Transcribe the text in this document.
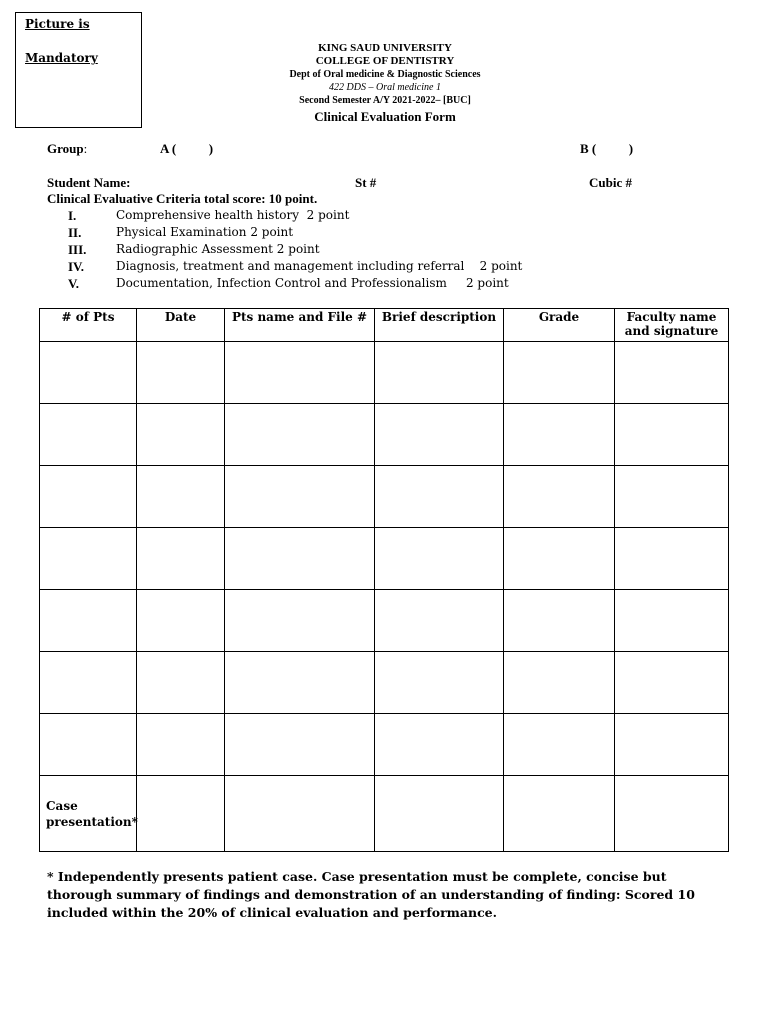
Picture is
Mandatory
KING SAUD UNIVERSITY
COLLEGE OF DENTISTRY
Dept of Oral medicine & Diagnostic Sciences
422 DDS – Oral medicine 1
Second Semester A/Y 2021-2022– [BUC]
Clinical Evaluation Form
Group:	A (          )	B (          )
Student Name:	St #	Cubic #
Clinical Evaluative Criteria total score: 10 point.
I.	Comprehensive health history  2 point
II.	Physical Examination 2 point
III. Radiographic Assessment 2 point
IV.	Diagnosis, treatment and management including referral    2 point
V.	Documentation, Infection Control and Professionalism     2 point
# of Pts	Date	Pts name and File #	Brief description	Grade	Faculty name and signature

Case presentation*					

* Independently presents patient case. Case presentation must be complete, concise but thorough summary of findings and demonstration of an understanding of finding: Scored 10 included within the 20% of clinical evaluation and performance.
